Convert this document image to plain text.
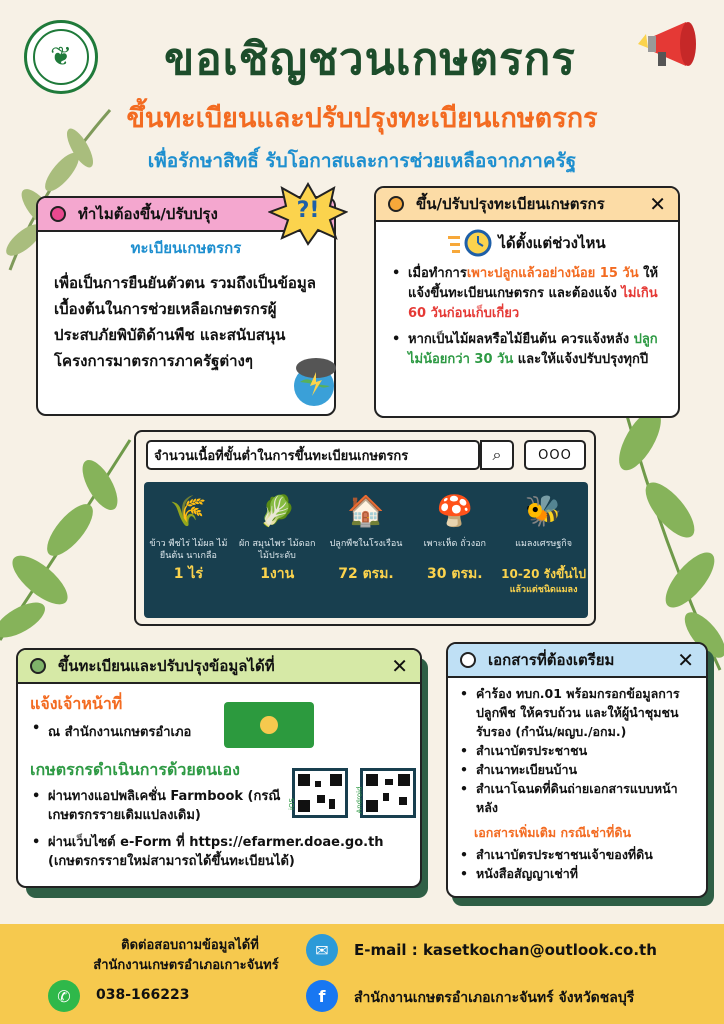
❦	ขอเชิญชวนเกษตรกร
ขึ้นทะเบียนและปรับปรุงทะเบียนเกษตรกร
เพื่อรักษาสิทธิ์ รับโอกาสและการช่วยเหลือจากภาครัฐ
ทำไมต้องขึ้น/ปรับปรุง
ทะเบียนเกษตรกร
เพื่อเป็นการยืนยันตัวตน รวมถึงเป็นข้อมูลเบื้องต้นในการช่วยเหลือเกษตรกรผู้ประสบภัยพิบัติด้านพืช และสนับสนุน โครงการมาตรการภาครัฐต่างๆ
?!	ขึ้น/ปรับปรุงทะเบียนเกษตรกร ✕
ได้ตั้งแต่ช่วงไหน
• เมื่อทำการเพาะปลูกแล้วอย่างน้อย 15 วัน ให้แจ้งขึ้นทะเบียนเกษตรกร และต้องแจ้ง ไม่เกิน 60 วันก่อนเก็บเกี่ยว
• หากเป็นไม้ผลหรือไม้ยืนต้น ควรแจ้งหลัง ปลูกไม่น้อยกว่า 30 วัน และให้แจ้งปรับปรุงทุกปี
จำนวนเนื้อที่ขั้นต่ำในการขึ้นทะเบียนเกษตรกร	⌕	OOO
🌾
ข้าว พืชไร่ ไม้ผล ไม้ยืนต้น นาเกลือ
1 ไร่
🥬
ผัก สมุนไพร ไม้ดอก ไม้ประดับ
1งาน
🏠
ปลูกพืชในโรงเรือน
72 ตรม.
🍄
เพาะเห็ด ถั่วงอก
30 ตรม.
🐝
แมลงเศรษฐกิจ
10-20 รังขึ้นไป
แล้วแต่ชนิดแมลง
ขึ้นทะเบียนและปรับปรุงข้อมูลได้ที่	✕
แจ้งเจ้าหน้าที่
• ณ สำนักงานเกษตรอำเภอ
เกษตรกรดำเนินการด้วยตนเอง
• ผ่านทางแอปพลิเคชั่น Farmbook (กรณี เกษตรกรรายเดิมแปลงเดิม)
• ผ่านเว็บไซต์ e-Form ที่ https://efarmer.doae.go.th (เกษตรกรรายใหม่สามารถได้ขึ้นทะเบียนได้)
iOS	Android
เอกสารที่ต้องเตรียม	✕
• คำร้อง ทบก.01 พร้อมกรอกข้อมูลการปลูกพืช ให้ครบถ้วน และให้ผู้นำชุมชนรับรอง (กำนัน/ผญบ./อกม.)
• สำเนาบัตรประชาชน
• สำเนาทะเบียนบ้าน
• สำเนาโฉนดที่ดินถ่ายเอกสารแบบหน้าหลัง
เอกสารเพิ่มเติม กรณีเช่าที่ดิน
• สำเนาบัตรประชาชนเจ้าของที่ดิน
• หนังสือสัญญาเช่าที่
ติดต่อสอบถามข้อมูลได้ที่
สำนักงานเกษตรอำเภอเกาะจันทร์
✆	038-166223
✉	E-mail : kasetkochan@outlook.co.th
f	สำนักงานเกษตรอำเภอเกาะจันทร์ จังหวัดชลบุรี
